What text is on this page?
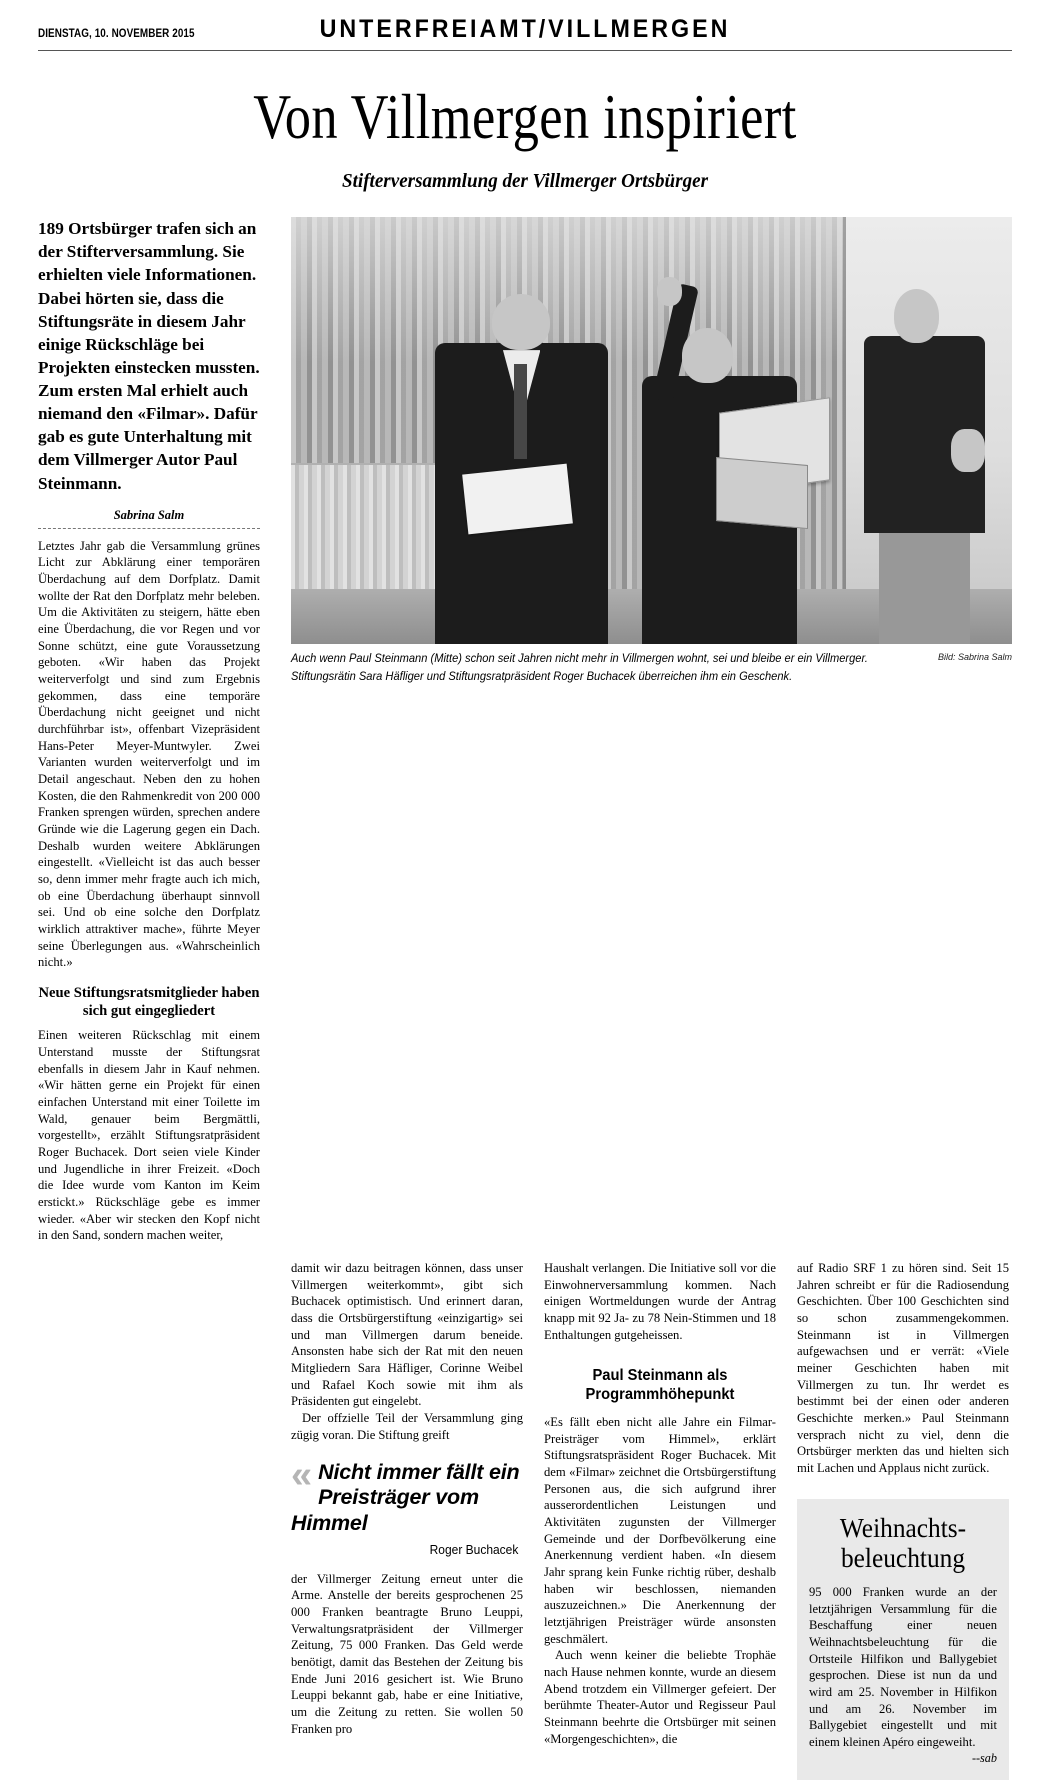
DIENSTAG, 10. NOVEMBER 2015	UNTERFREIAMT/VILLMERGEN
Von Villmergen inspiriert
Stifterversammlung der Villmerger Ortsbürger
189 Ortsbürger trafen sich an der Stifterversammlung. Sie erhielten viele Informationen. Dabei hörten sie, dass die Stiftungsräte in diesem Jahr einige Rückschläge bei Projekten einstecken mussten. Zum ersten Mal erhielt auch niemand den «Filmar». Dafür gab es gute Unterhaltung mit dem Villmerger Autor Paul Steinmann.
Sabrina Salm

Letztes Jahr gab die Versammlung grünes Licht zur Abklärung einer temporären Überdachung auf dem Dorfplatz. Damit wollte der Rat den Dorfplatz mehr beleben. Um die Aktivitäten zu steigern, hätte eben eine Überdachung, die vor Regen und vor Sonne schützt, eine gute Voraussetzung geboten. «Wir haben das Projekt weiterverfolgt und sind zum Ergebnis gekommen, dass eine temporäre Überdachung nicht geeignet und nicht durchführbar ist», offenbart Vizepräsident Hans-Peter Meyer-Muntwyler. Zwei Varianten wurden weiterverfolgt und im Detail angeschaut. Neben den zu hohen Kosten, die den Rahmenkredit von 200 000 Franken sprengen würden, sprechen andere Gründe wie die Lagerung gegen ein Dach. Deshalb wurden weitere Abklärungen eingestellt. «Vielleicht ist das auch besser so, denn immer mehr fragte auch ich mich, ob eine Überdachung überhaupt sinnvoll sei. Und ob eine solche den Dorfplatz wirklich attraktiver mache», führte Meyer seine Überlegungen aus. «Wahrscheinlich nicht.»

Neue Stiftungsratsmitglieder haben sich gut eingegliedert

Einen weiteren Rückschlag mit einem Unterstand musste der Stiftungsrat ebenfalls in diesem Jahr in Kauf nehmen. «Wir hätten gerne ein Projekt für einen einfachen Unterstand mit einer Toilette im Wald, genauer beim Bergmättli, vorgestellt», erzählt Stiftungsratpräsident Roger Buchacek. Dort seien viele Kinder und Jugendliche in ihrer Freizeit. «Doch die Idee wurde vom Kanton im Keim erstickt.» Rückschläge gebe es immer wieder. «Aber wir stecken den Kopf nicht in den Sand, sondern machen weiter,

Auch wenn Paul Steinmann (Mitte) schon seit Jahren nicht mehr in Villmergen wohnt, sei und bleibe er ein Villmerger. Stiftungsrätin Sara Häfliger und Stiftungsratpräsident Roger Buchacek überreichen ihm ein Geschenk.
Bild: Sabrina Salm

damit wir dazu beitragen können, dass unser Villmergen weiterkommt», gibt sich Buchacek optimistisch. Und erinnert daran, dass die Ortsbürgerstiftung «einzigartig» sei und man Villmergen darum beneide. Ansonsten habe sich der Rat mit den neuen Mitgliedern Sara Häfliger, Corinne Weibel und Rafael Koch sowie mit ihm als Präsidenten gut eingelebt.

Der offzielle Teil der Versammlung ging zügig voran. Die Stiftung greift

« Nicht immer fällt ein Preisträger vom Himmel
Roger Buchacek

der Villmerger Zeitung erneut unter die Arme. Anstelle der bereits gesprochenen 25 000 Franken beantragte Bruno Leuppi, Verwaltungsratpräsident der Villmerger Zeitung, 75 000 Franken. Das Geld werde benötigt, damit das Bestehen der Zeitung bis Ende Juni 2016 gesichert ist. Wie Bruno Leuppi bekannt gab, habe er eine Initiative, um die Zeitung zu retten. Sie wollen 50 Franken pro

Haushalt verlangen. Die Initiative soll vor die Einwohnerversammlung kommen. Nach einigen Wortmeldungen wurde der Antrag knapp mit 92 Ja- zu 78 Nein-Stimmen und 18 Enthaltungen gutgeheissen.

Paul Steinmann als Programmhöhepunkt

«Es fällt eben nicht alle Jahre ein Filmar-Preisträger vom Himmel», erklärt Stiftungsratspräsident Roger Buchacek. Mit dem «Filmar» zeichnet die Ortsbürgerstiftung Personen aus, die sich aufgrund ihrer ausserordentlichen Leistungen und Aktivitäten zugunsten der Villmerger Gemeinde und der Dorfbevölkerung eine Anerkennung verdient haben. «In diesem Jahr sprang kein Funke richtig rüber, deshalb haben wir beschlossen, niemanden auszuzeichnen.» Die Anerkennung der letztjährigen Preisträger würde ansonsten geschmälert.

Auch wenn keiner die beliebte Trophäe nach Hause nehmen konnte, wurde an diesem Abend trotzdem ein Villmerger gefeiert. Der berühmte Theater-Autor und Regisseur Paul Steinmann beehrte die Ortsbürger mit seinen «Morgengeschichten», die

auf Radio SRF 1 zu hören sind. Seit 15 Jahren schreibt er für die Radiosendung Geschichten. Über 100 Geschichten sind so schon zusammengekommen. Steinmann ist in Villmergen aufgewachsen und er verrät: «Viele meiner Geschichten haben mit Villmergen zu tun. Ihr werdet es bestimmt bei der einen oder anderen Geschichte merken.» Paul Steinmann versprach nicht zu viel, denn die Ortsbürger merkten das und hielten sich mit Lachen und Applaus nicht zurück.

Weihnachts-
beleuchtung
95 000 Franken wurde an der letztjährigen Versammlung für die Beschaffung einer neuen Weihnachtsbeleuchtung für die Ortsteile Hilfikon und Ballygebiet gesprochen. Diese ist nun da und wird am 25. November in Hilfikon und am 26. November im Ballygebiet eingestellt und mit einem kleinen Apéro eingeweiht.
--sab
